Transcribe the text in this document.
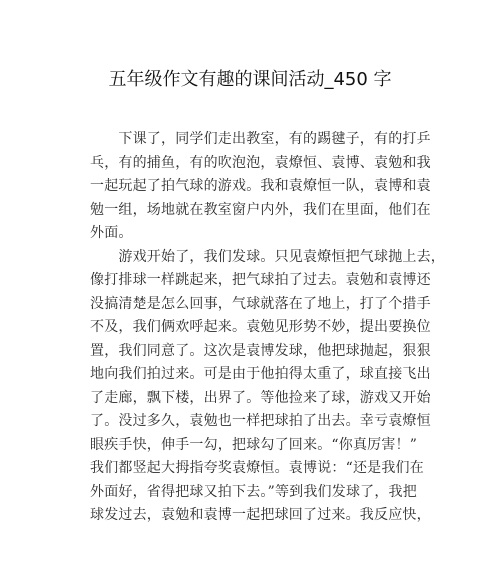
五年级作文有趣的课间活动_450 字
　　下课了，同学们走出教室，有的踢毽子，有的打乒
乓，有的捕鱼，有的吹泡泡，袁燎恒、袁博、袁勉和我
一起玩起了拍气球的游戏。我和袁燎恒一队，袁博和袁
勉一组，场地就在教室窗户内外，我们在里面，他们在
外面。
　　游戏开始了，我们发球。只见袁燎恒把气球抛上去，
像打排球一样跳起来，把气球拍了过去。袁勉和袁博还
没搞清楚是怎么回事，气球就落在了地上，打了个措手
不及，我们俩欢呼起来。袁勉见形势不妙，提出要换位
置，我们同意了。这次是袁博发球，他把球抛起，狠狠
地向我们拍过来。可是由于他拍得太重了，球直接飞出
了走廊，飘下楼，出界了。等他捡来了球，游戏又开始
了。没过多久，袁勉也一样把球拍了出去。幸亏袁燎恒
眼疾手快，伸手一勾，把球勾了回来。“你真厉害！”
我们都竖起大拇指夸奖袁燎恒。袁博说：“还是我们在
外面好，省得把球又拍下去。”等到我们发球了，我把
球发过去，袁勉和袁博一起把球回了过来。我反应快，
